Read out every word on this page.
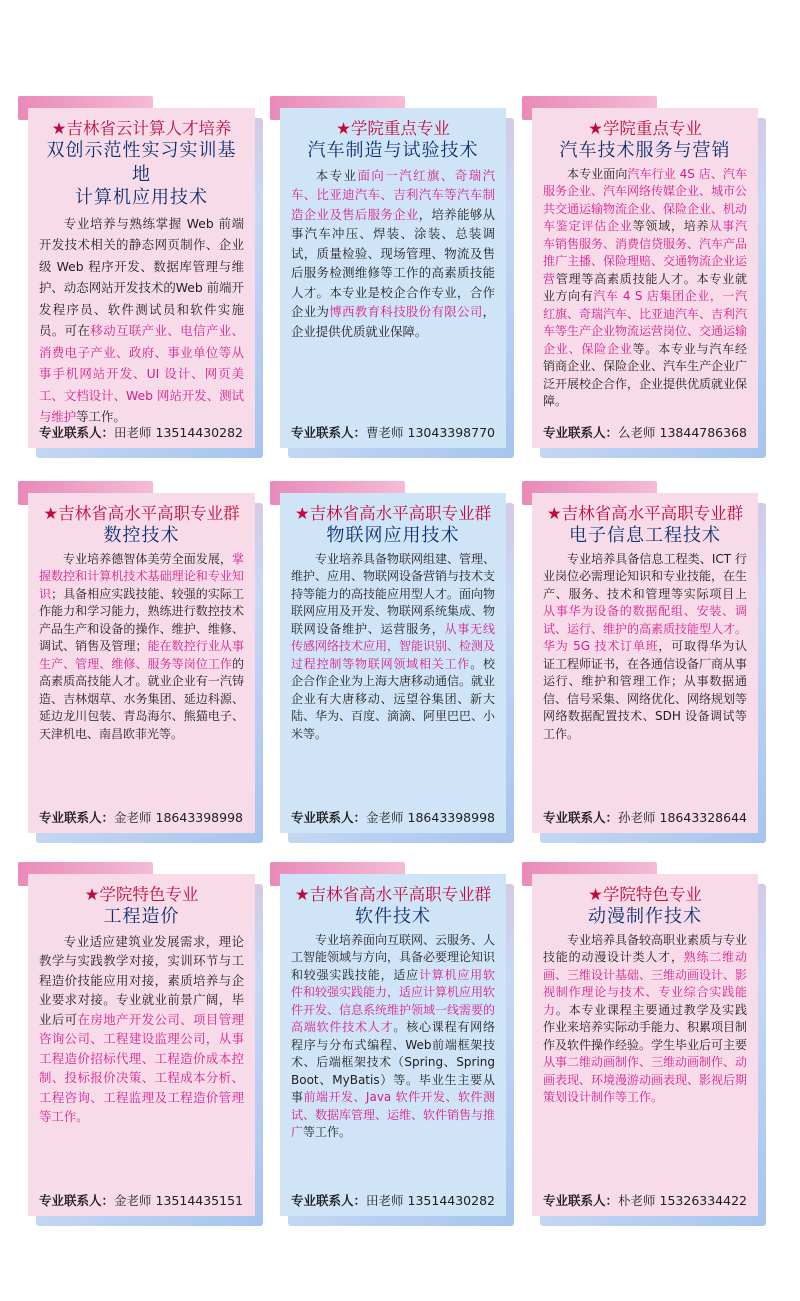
★吉林省云计算人才培养
双创示范性实习实训基地
计算机应用技术
专业培养与熟练掌握 Web 前端开发技术相关的静态网页制作、企业级 Web 程序开发、数据库管理与维护、动态网站开发技术的Web 前端开发程序员、软件测试员和软件实施员。可在移动互联产业、电信产业、消费电子产业、政府、事业单位等从事手机网站开发、UI 设计、网页美工、文档设计、Web 网站开发、测试与维护等工作。
专业联系人：田老师 13514430282
★学院重点专业
汽车制造与试验技术
本专业面向一汽红旗、奇瑞汽车、比亚迪汽车、吉利汽车等汽车制造企业及售后服务企业，培养能够从事汽车冲压、焊装、涂装、总装调试，质量检验、现场管理、物流及售后服务检测维修等工作的高素质技能人才。本专业是校企合作专业，合作企业为博西教育科技股份有限公司，企业提供优质就业保障。
专业联系人：曹老师 13043398770
★学院重点专业
汽车技术服务与营销
本专业面向汽车行业 4S 店、汽车服务企业、汽车网络传媒企业、城市公共交通运输物流企业、保险企业、机动车鉴定评估企业等领域，培养从事汽车销售服务、消费信贷服务、汽车产品推广主播、保险理赔、交通物流企业运营管理等高素质技能人才。本专业就业方向有汽车 4 S 店集团企业，一汽红旗、奇瑞汽车、比亚迪汽车、吉利汽车等生产企业物流运营岗位、交通运输企业、保险企业等。本专业与汽车经销商企业、保险企业、汽车生产企业广泛开展校企合作，企业提供优质就业保障。
专业联系人：么老师 13844786368
★吉林省高水平高职专业群
数控技术
专业培养德智体美劳全面发展，掌握数控和计算机技术基础理论和专业知识；具备相应实践技能、较强的实际工作能力和学习能力，熟练进行数控技术产品生产和设备的操作、维护、维修、调试、销售及管理；能在数控行业从事生产、管理、维修、服务等岗位工作的高素质高技能人才。就业企业有一汽铸造、吉林烟草、水务集团、延边科源、延边龙川包装、青岛海尔、熊猫电子、天津机电、南昌欧菲光等。
专业联系人：金老师 18643398998
★吉林省高水平高职专业群
物联网应用技术
专业培养具备物联网组建、管理、维护、应用、物联网设备营销与技术支持等能力的高技能应用型人才。面向物联网应用及开发、物联网系统集成、物联网设备维护、运营服务，从事无线传感网络技术应用，智能识别、检测及过程控制等物联网领域相关工作。校企合作企业为上海大唐移动通信。就业企业有大唐移动、远望谷集团、新大陆、华为、百度、滴滴、阿里巴巴、小米等。
专业联系人：金老师 18643398998
★吉林省高水平高职专业群
电子信息工程技术
专业培养具备信息工程类、ICT 行业岗位必需理论知识和专业技能，在生产、服务、技术和管理等实际项目上从事华为设备的数据配组、安装、调试、运行、维护的高素质技能型人才。华为 5G 技术订单班，可取得华为认证工程师证书，在各通信设备厂商从事运行、维护和管理工作；从事数据通信、信号采集、网络优化、网络规划等网络数据配置技术、SDH 设备调试等工作。
专业联系人：孙老师 18643328644
★学院特色专业
工程造价
专业适应建筑业发展需求，理论教学与实践教学对接，实训环节与工程造价技能应用对接，素质培养与企业要求对接。专业就业前景广阔，毕业后可在房地产开发公司、项目管理咨询公司、工程建设监理公司，从事工程造价招标代理、工程造价成本控制、投标报价决策、工程成本分析、工程咨询、工程监理及工程造价管理等工作。
专业联系人：金老师 13514435151
★吉林省高水平高职专业群
软件技术
专业培养面向互联网、云服务、人工智能领域与方向，具备必要理论知识和较强实践技能，适应计算机应用软件和较强实践能力，适应计算机应用软件开发、信息系统维护领域一线需要的高端软件技术人才。核心课程有网络程序与分布式编程、Web前端框架技术、后端框架技术（Spring、Spring Boot、MyBatis）等。毕业生主要从事前端开发、Java 软件开发、软件测试、数据库管理、运维、软件销售与推广等工作。
专业联系人：田老师 13514430282
★学院特色专业
动漫制作技术
专业培养具备较高职业素质与专业技能的动漫设计类人才，熟练二维动画、三维设计基础、三维动画设计、影视制作理论与技术、专业综合实践能力。本专业课程主要通过教学及实践作业来培养实际动手能力、积累项目制作及软件操作经验。学生毕业后可主要从事二维动画制作、三维动画制作、动画表现、环境漫游动画表现、影视后期策划设计制作等工作。
专业联系人：朴老师 15326334422
